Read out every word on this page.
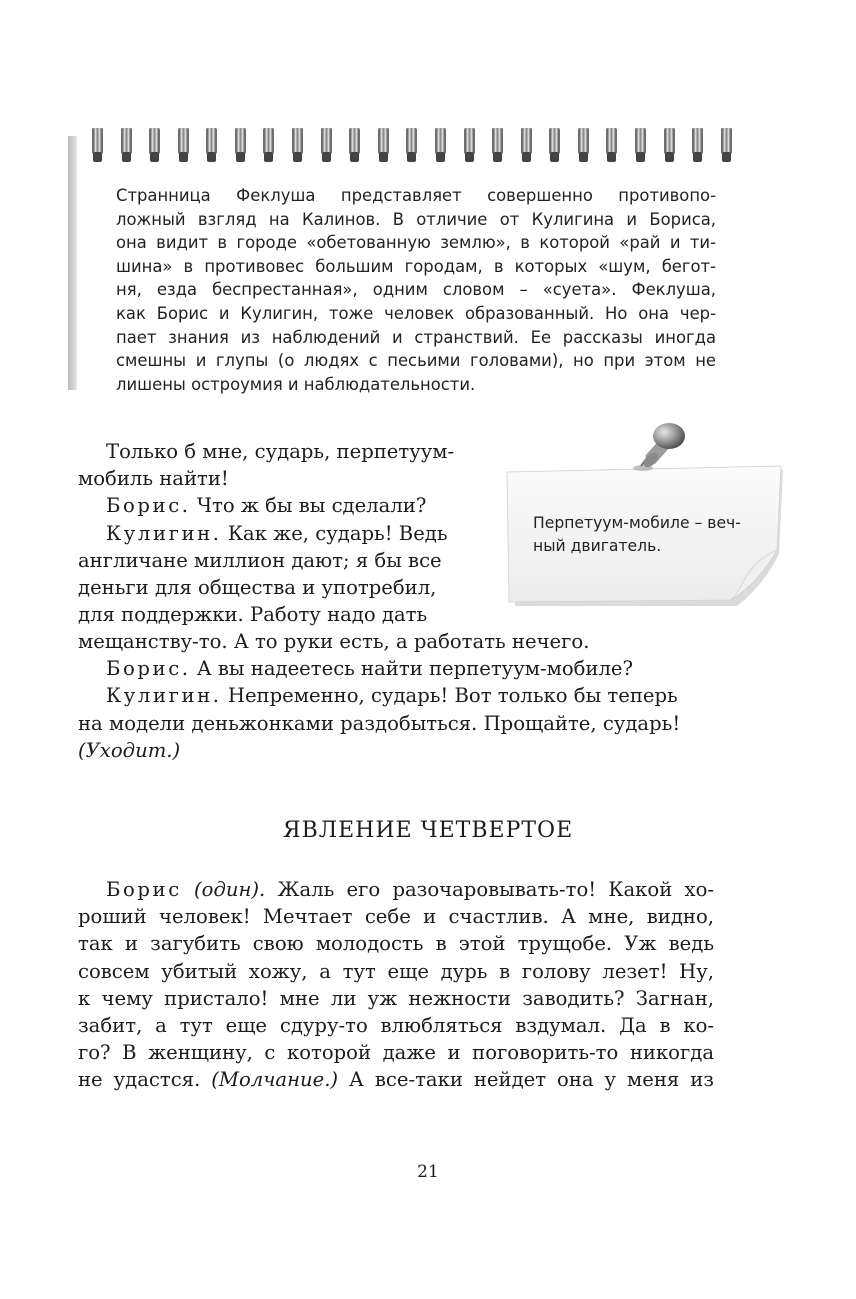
Странница Феклуша представляет совершенно противопо-
ложный взгляд на Калинов. В отличие от Кулигина и Бориса,
она видит в городе «обетованную землю», в которой «рай и ти-
шина» в противовес большим городам, в которых «шум, бегот-
ня, езда беспрестанная», одним словом – «суета». Феклуша,
как Борис и Кулигин, тоже человек образованный. Но она чер-
пает знания из наблюдений и странствий. Ее рассказы иногда
смешны и глупы (о людях с песьими головами), но при этом не
лишены остроумия и наблюдательности.
Перпетуум-мобиле – веч-
ный двигатель.
Только б мне, сударь, перпетуум-
мобиль найти!
Борис. Что ж бы вы сделали?
Кулигин. Как же, сударь! Ведь
англичане миллион дают; я бы все
деньги для общества и употребил,
для поддержки. Работу надо дать
мещанству-то. А то руки есть, а работать нечего.
Борис. А вы надеетесь найти перпетуум-мобиле?
Кулигин. Непременно, сударь! Вот только бы теперь
на модели деньжонками раздобыться. Прощайте, сударь!
(Уходит.)
ЯВЛЕНИЕ ЧЕТВЕРТОЕ
Борис (один). Жаль его разочаровывать-то! Какой хо-
роший человек! Мечтает себе и счастлив. А мне, видно,
так и загубить свою молодость в этой трущобе. Уж ведь
совсем убитый хожу, а тут еще дурь в голову лезет! Ну,
к чему пристало! мне ли уж нежности заводить? Загнан,
забит, а тут еще сдуру-то влюбляться вздумал. Да в ко-
го? В женщину, с которой даже и поговорить-то никогда
не удастся. (Молчание.) А все-таки нейдет она у меня из
21
